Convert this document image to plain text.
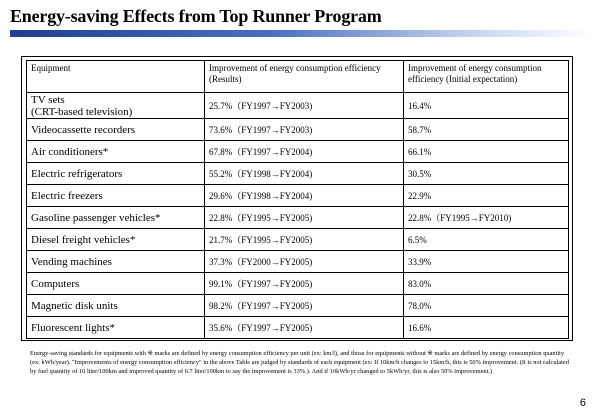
Energy-saving Effects from Top Runner Program
Equipment	Improvement of energy consumption efficiency (Results)	Improvement of energy consumption efficiency (Initial expectation)
TV sets
(CRT-based television)	25.7%（FY1997→FY2003)	16.4%
Videocassette recorders	73.6%（FY1997→FY2003)	58.7%
Air conditioners*	67.8%（FY1997→FY2004)	66.1%
Electric refrigerators	55.2%（FY1998→FY2004)	30.5%
Electric freezers	29.6%（FY1998→FY2004)	22.9%
Gasoline passenger vehicles*	22.8%（FY1995→FY2005)	22.8%（FY1995→FY2010)
Diesel freight vehicles*	21.7%（FY1995→FY2005)	6.5%
Vending machines	37.3%（FY2000→FY2005)	33.9%
Computers	99.1%（FY1997→FY2005)	83.0%
Magnetic disk units	98.2%（FY1997→FY2005)	78.0%
Fluorescent lights*	35.6%（FY1997→FY2005)	16.6%

Energy-saving standards for equipments with ※ marks are defined by energy consumption efficiency per unit (ex: km/l), and those for equipments without ※ marks are defined by energy consumption quantity (ex: kWh/year). "Improvements of energy consumption efficiency" in the above Table are judged by standards of each equipment (ex: If 10km/h changes to 15km/h, this is 50% improvement. (It is not calculated by fuel quantity of 10 liter/100km and improved quantity of 6.7 liter/100km to say the improvement is 33%.). And if 10kWh/yr changed to 5kWh/yr, this is also 50% improvement.)

6
